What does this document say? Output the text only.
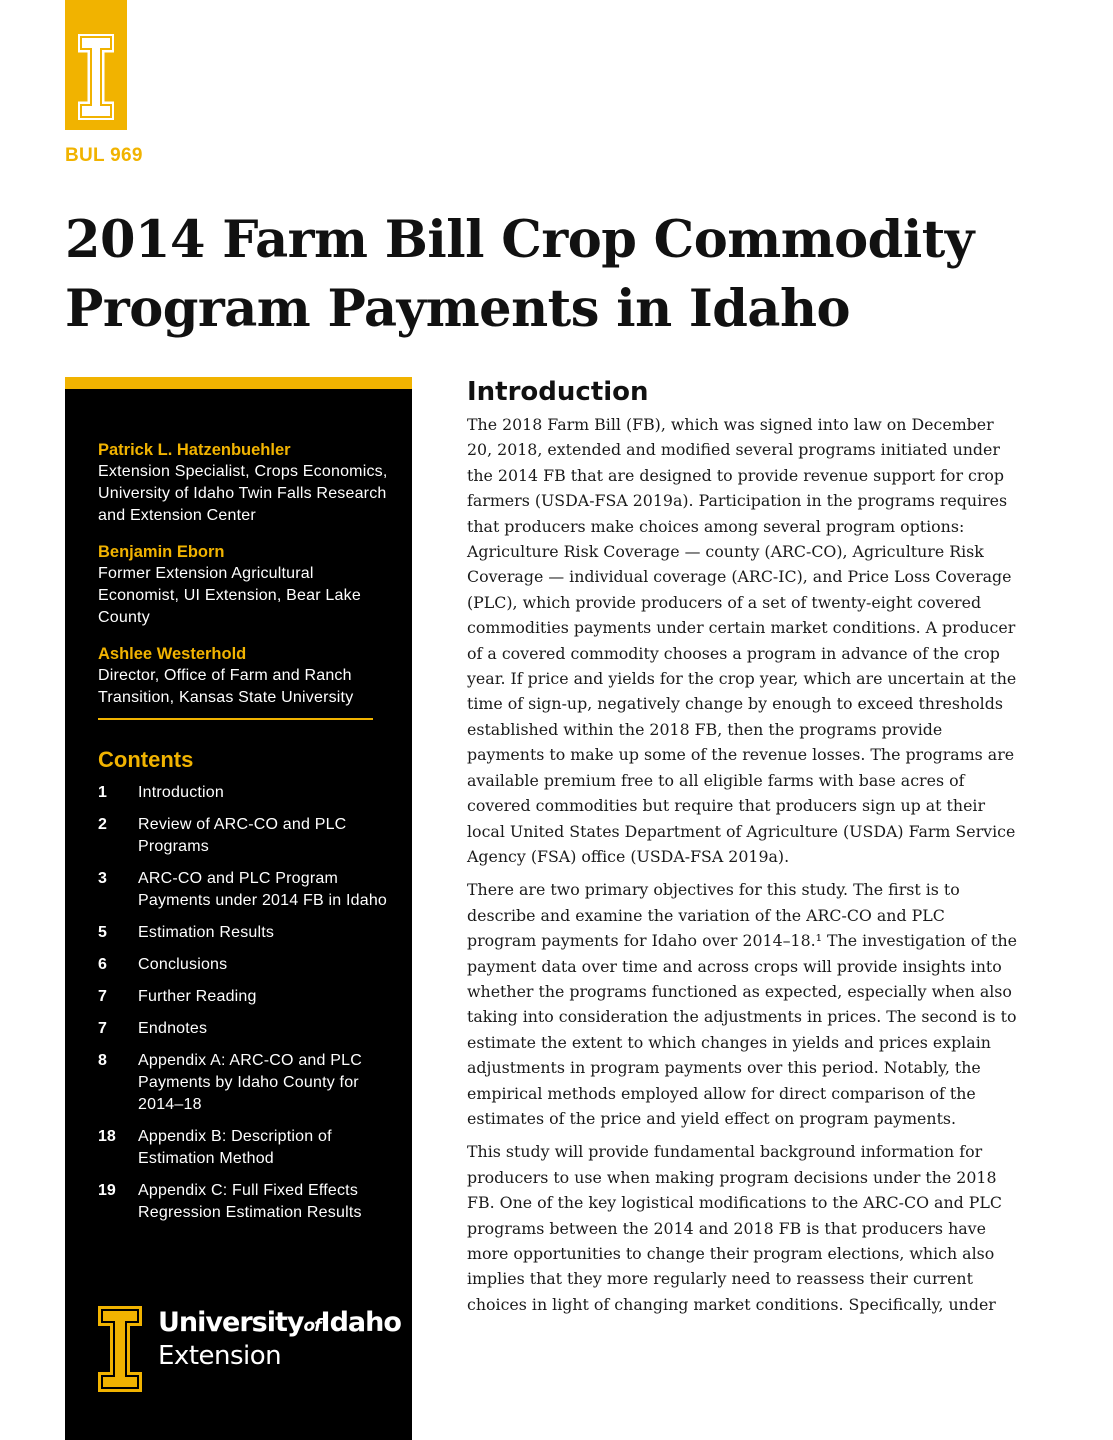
BUL 969
2014 Farm Bill Crop Commodity Program Payments in Idaho
Patrick L. Hatzenbuehler
Extension Specialist, Crops Economics, University of Idaho Twin Falls Research and Extension Center
Benjamin Eborn
Former Extension Agricultural Economist, UI Extension, Bear Lake County
Ashlee Westerhold
Director, Office of Farm and Ranch Transition, Kansas State University
Contents
1	Introduction
2	Review of ARC-CO and PLC Programs
3	ARC-CO and PLC Program Payments under 2014 FB in Idaho
5	Estimation Results
6	Conclusions
7	Further Reading
7	Endnotes
8	Appendix A: ARC-CO and PLC Payments by Idaho County for 2014–18
18	Appendix B: Description of Estimation Method
19	Appendix C: Full Fixed Effects Regression Estimation Results
UniversityofIdaho
Extension
Introduction

The 2018 Farm Bill (FB), which was signed into law on December 20, 2018, extended and modified several programs initiated under the 2014 FB that are designed to provide revenue support for crop farmers (USDA-FSA 2019a). Participation in the programs requires that producers make choices among several program options: Agriculture Risk Coverage — county (ARC-CO), Agriculture Risk Coverage — individual coverage (ARC-IC), and Price Loss Coverage (PLC), which provide producers of a set of twenty-eight covered commodities payments under certain market conditions. A producer of a covered commodity chooses a program in advance of the crop year. If price and yields for the crop year, which are uncertain at the time of sign-up, negatively change by enough to exceed thresholds established within the 2018 FB, then the programs provide payments to make up some of the revenue losses. The programs are available premium free to all eligible farms with base acres of covered commodities but require that producers sign up at their local United States Department of Agriculture (USDA) Farm Service Agency (FSA) office (USDA-FSA 2019a).

There are two primary objectives for this study. The first is to describe and examine the variation of the ARC-CO and PLC program payments for Idaho over 2014–18.¹ The investigation of the payment data over time and across crops will provide insights into whether the programs functioned as expected, especially when also taking into consideration the adjustments in prices. The second is to estimate the extent to which changes in yields and prices explain adjustments in program payments over this period. Notably, the empirical methods employed allow for direct comparison of the estimates of the price and yield effect on program payments.

This study will provide fundamental background information for producers to use when making program decisions under the 2018 FB. One of the key logistical modifications to the ARC-CO and PLC programs between the 2014 and 2018 FB is that producers have more opportunities to change their program elections, which also implies that they more regularly need to reassess their current choices in light of changing market conditions. Specifically, under
